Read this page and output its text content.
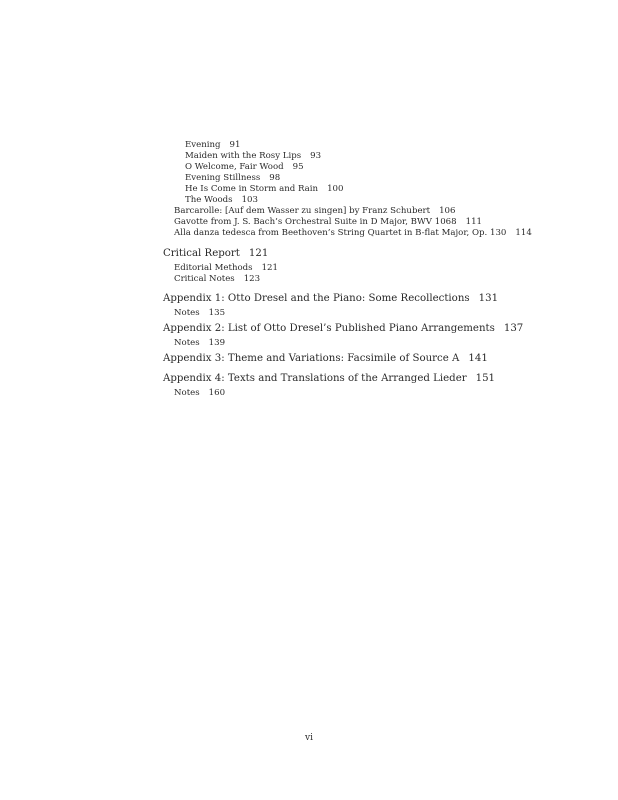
Evening 91
Maiden with the Rosy Lips 93
O Welcome, Fair Wood 95
Evening Stillness 98
He Is Come in Storm and Rain 100
The Woods 103
Barcarolle: [Auf dem Wasser zu singen] by Franz Schubert 106
Gavotte from J. S. Bach’s Orchestral Suite in D Major, BWV 1068 111
Alla danza tedesca from Beethoven’s String Quartet in B-flat Major, Op. 130 114
Critical Report 121
Editorial Methods 121
Critical Notes 123
Appendix 1: Otto Dresel and the Piano: Some Recollections 131
Notes 135
Appendix 2: List of Otto Dresel’s Published Piano Arrangements 137
Notes 139
Appendix 3: Theme and Variations: Facsimile of Source A 141
Appendix 4: Texts and Translations of the Arranged Lieder 151
Notes 160
vi
